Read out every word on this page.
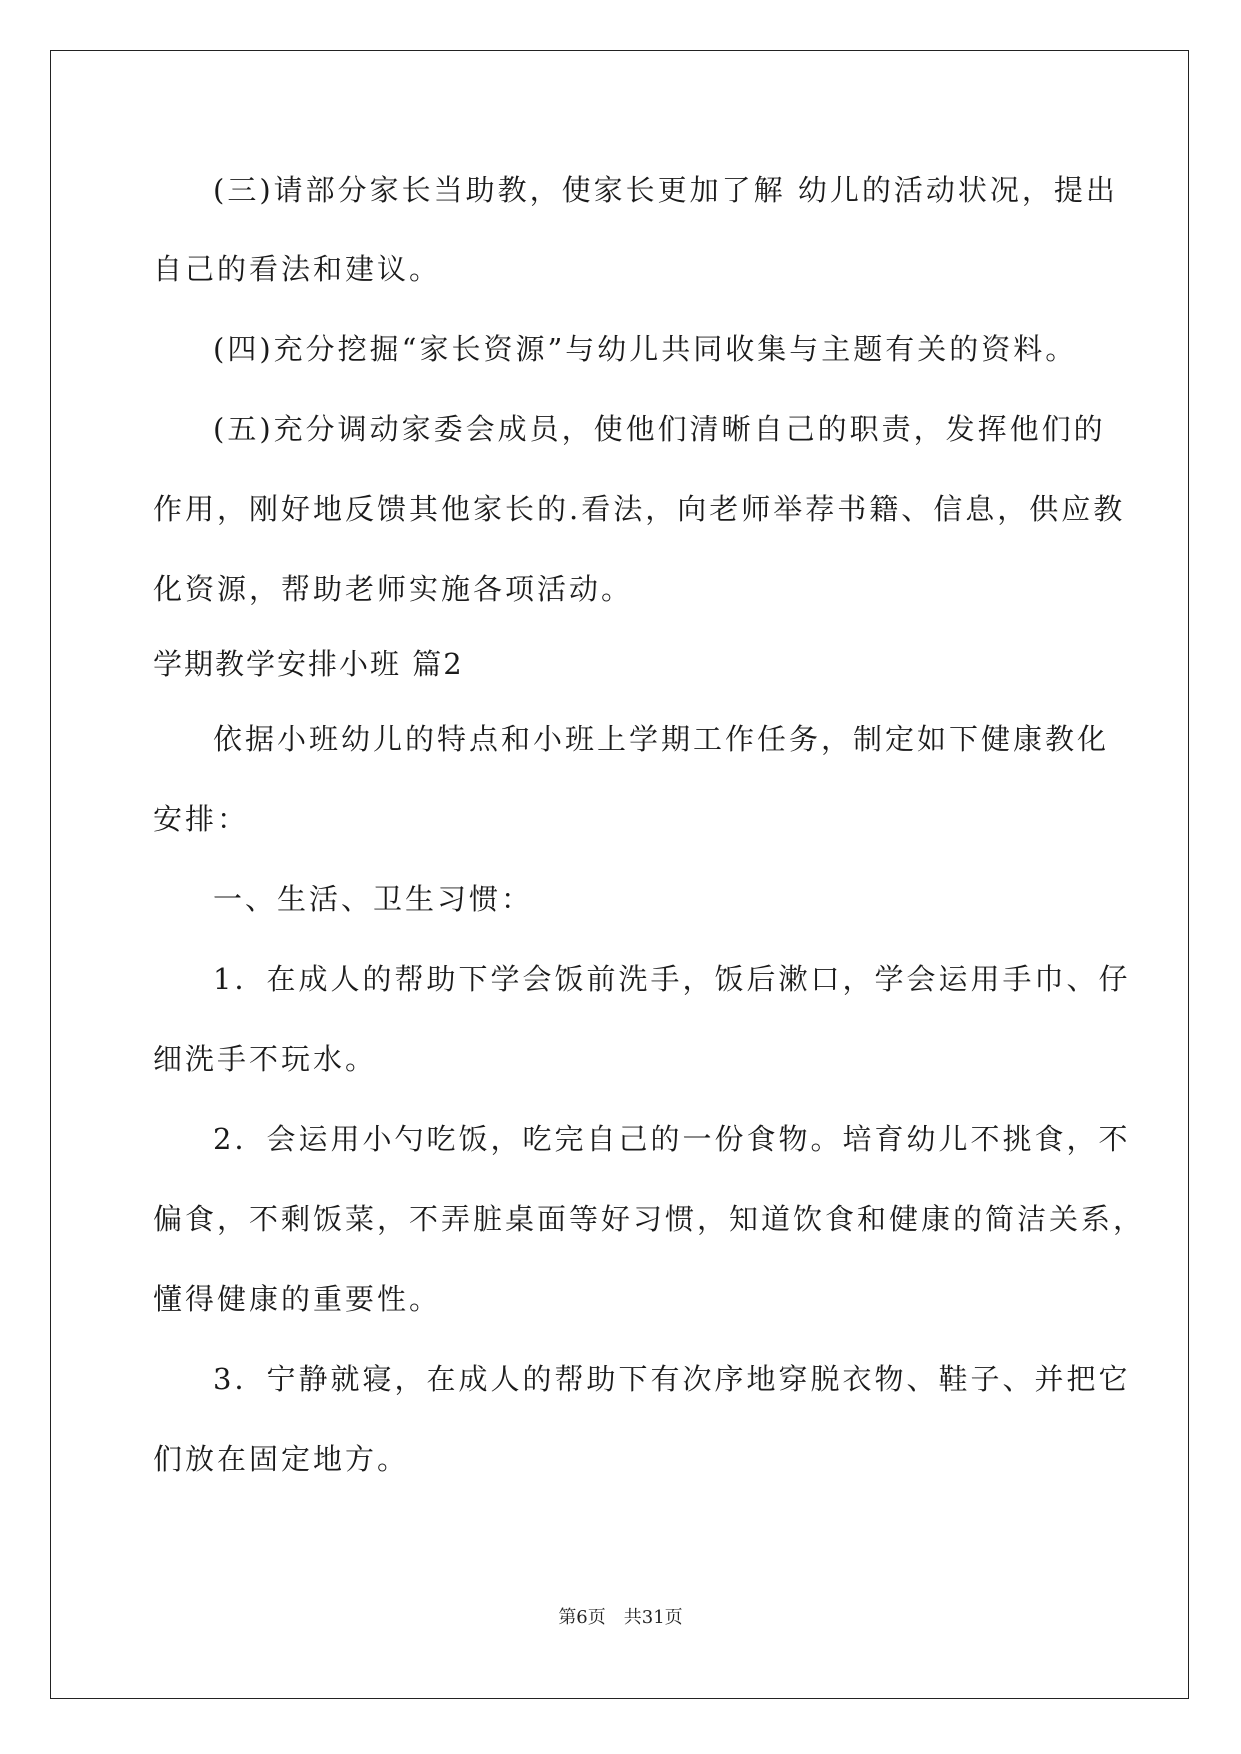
(三)请部分家长当助教，使家长更加了解 幼儿的活动状况，提出

自己的看法和建议。

(四)充分挖掘“家长资源”与幼儿共同收集与主题有关的资料。

(五)充分调动家委会成员，使他们清晰自己的职责，发挥他们的

作用，刚好地反馈其他家长的.看法，向老师举荐书籍、信息，供应教

化资源，帮助老师实施各项活动。

学期教学安排小班 篇2

依据小班幼儿的特点和小班上学期工作任务，制定如下健康教化

安排：

一、生活、卫生习惯：

1．在成人的帮助下学会饭前洗手，饭后漱口，学会运用手巾、仔

细洗手不玩水。

2．会运用小勺吃饭，吃完自己的一份食物。培育幼儿不挑食，不

偏食，不剩饭菜，不弄脏桌面等好习惯，知道饮食和健康的简洁关系，

懂得健康的重要性。

3．宁静就寝，在成人的帮助下有次序地穿脱衣物、鞋子、并把它

们放在固定地方。

第6页　共31页
